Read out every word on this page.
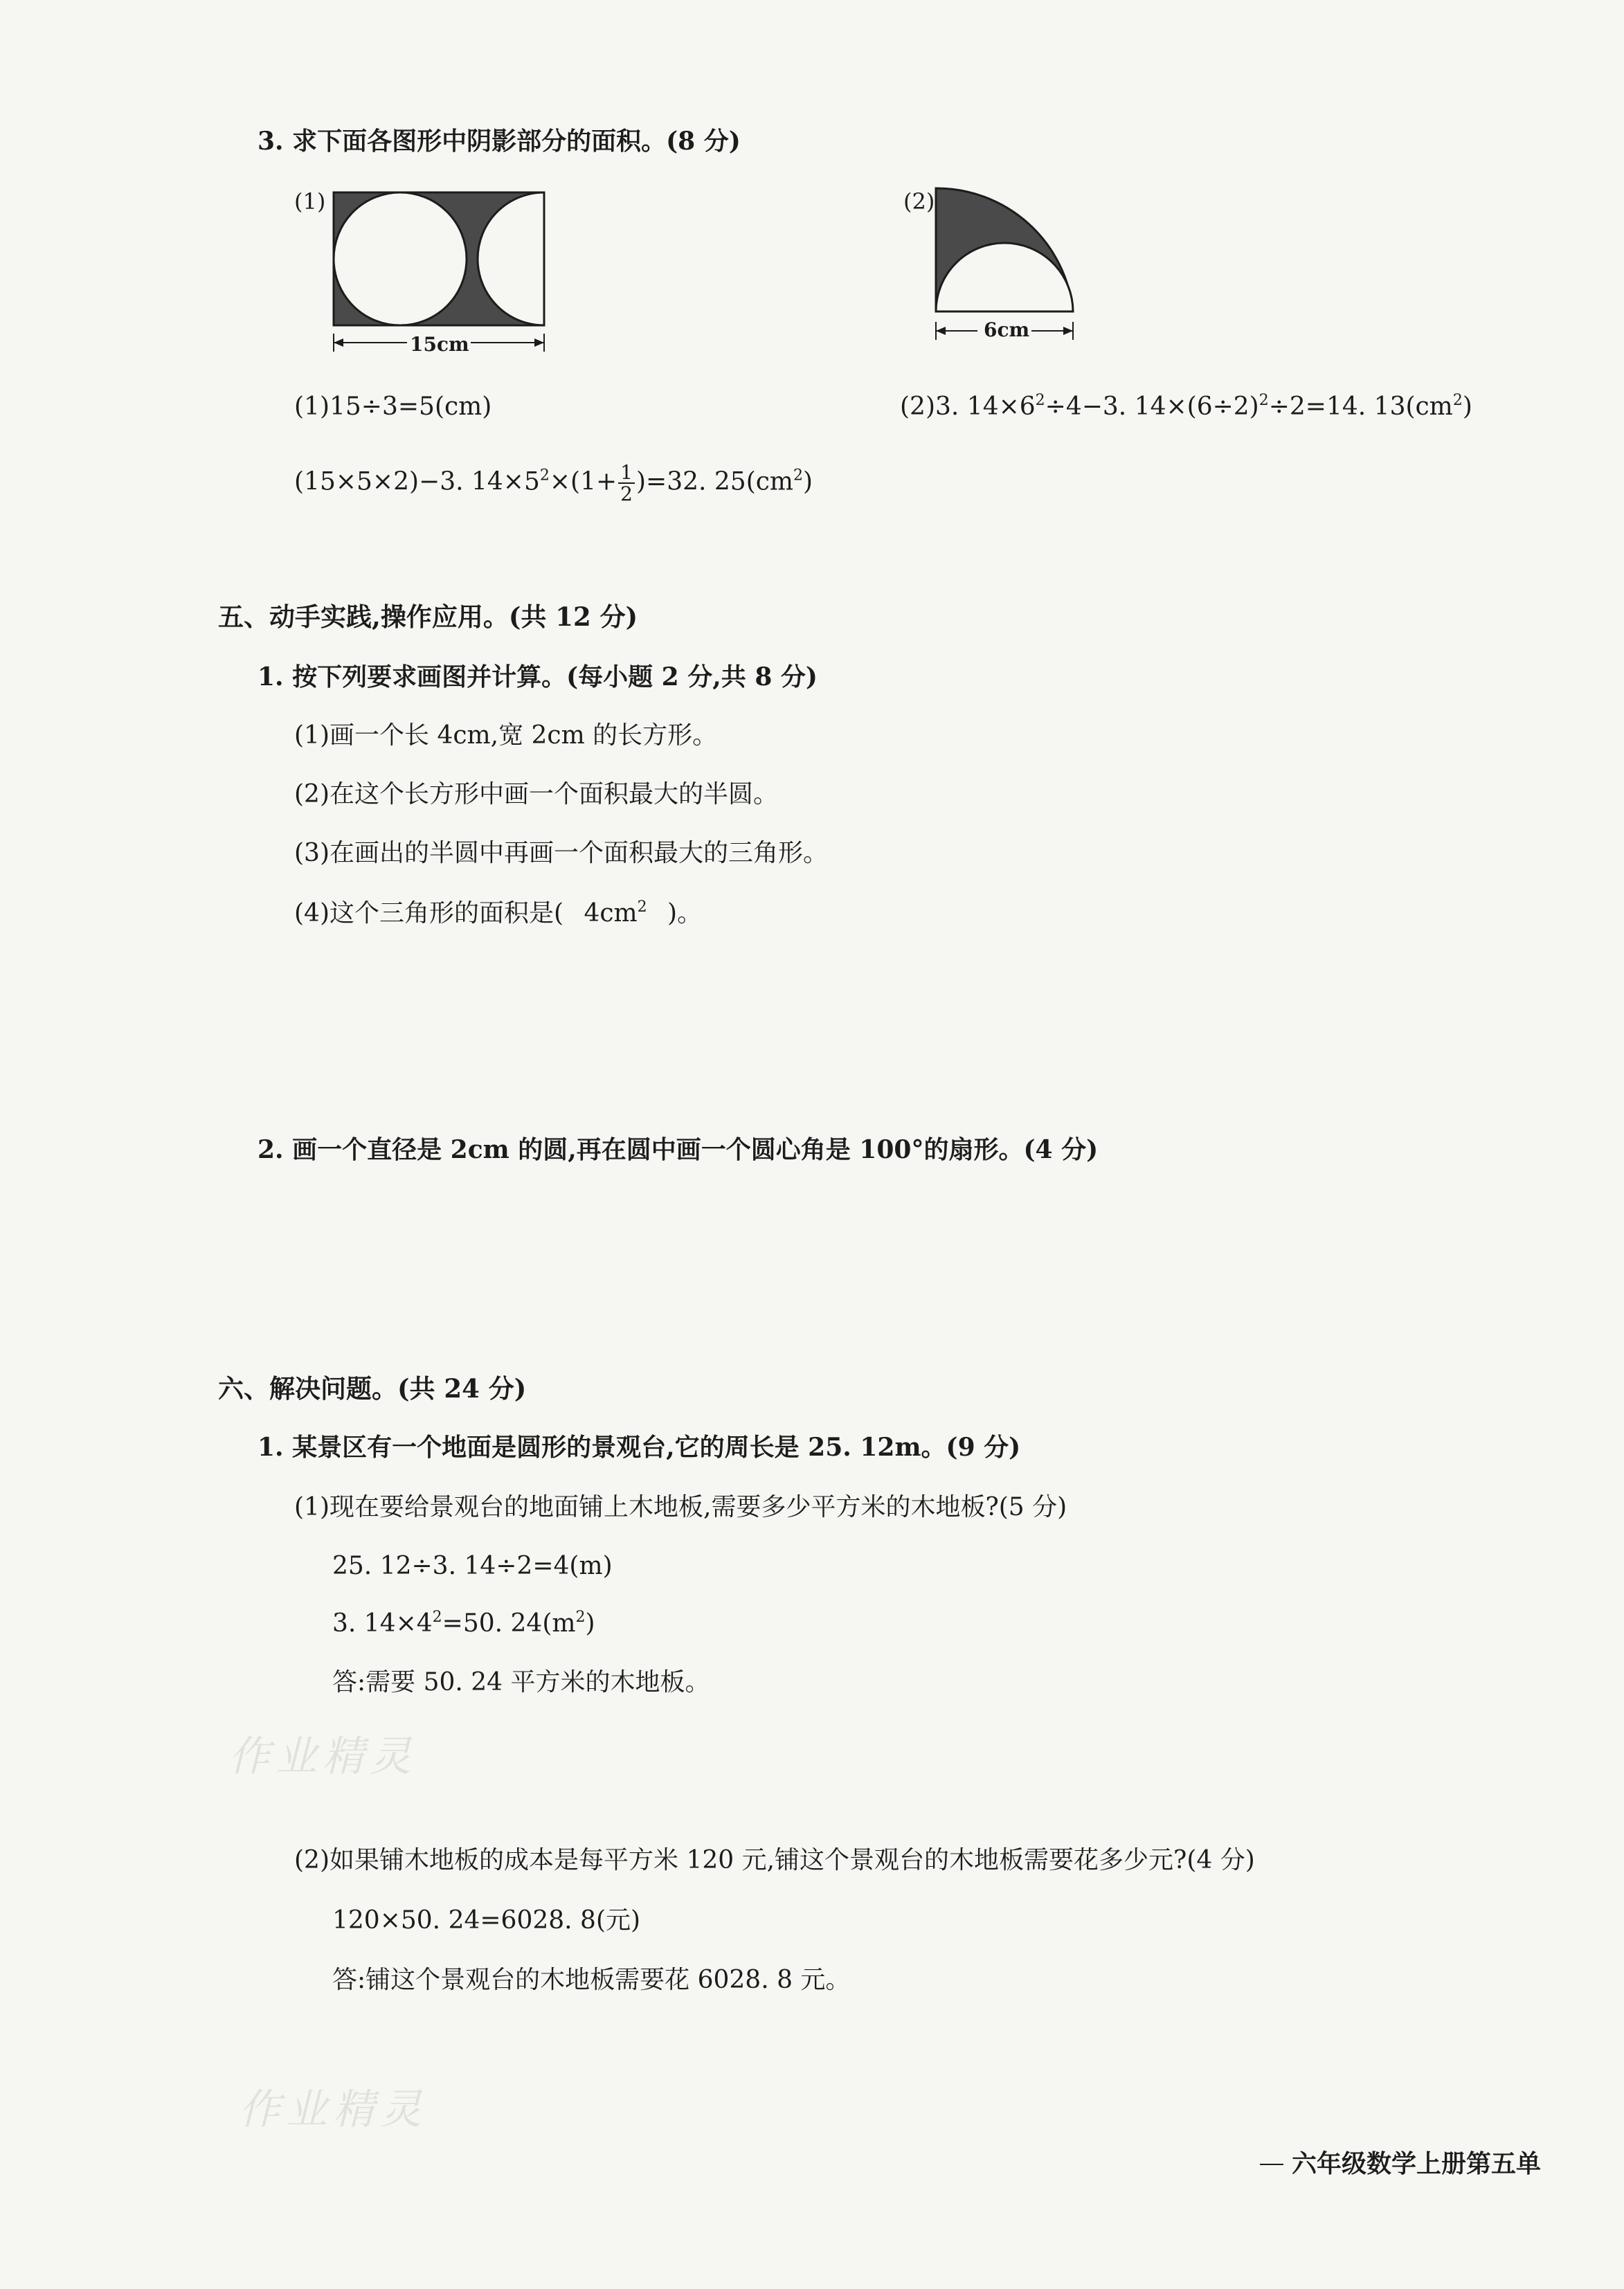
3. 求下面各图形中阴影部分的面积。(8 分)
(1)
15cm
(2)
6cm
(1)15÷3=5(cm)	(2)3. $14\times 6^2\div 4-3$. $14\times(6\div 2)^2\div 2=14$. $13(cm^2)$
(15×5×2)−3. $14\times 5^2\times(1+ \frac{1}{2} )=32$. $25(cm^2)$
五、动手实践,操作应用。(共 12 分)
1. 按下列要求画图并计算。(每小题 2 分,共 8 分)
(1)画一个长 4cm,宽 2cm 的长方形。
(2)在这个长方形中画一个面积最大的半圆。
(3)在画出的半圆中再画一个面积最大的三角形。
(4)这个三角形的面积是( $4cm^2$ )。
2. 画一个直径是 2cm 的圆,再在圆中画一个圆心角是 100°的扇形。(4 分)
六、解决问题。(共 24 分)
1. 某景区有一个地面是圆形的景观台,它的周长是 25. 12m。(9 分)
(1)现在要给景观台的地面铺上木地板,需要多少平方米的木地板?(5 分)
25. 12÷3. 14÷2=4(m)
3. $14\times 4^2=50$. $24(m^2)$
答:需要 50. 24 平方米的木地板。
作业精灵
(2)如果铺木地板的成本是每平方米 120 元,铺这个景观台的木地板需要花多少元?(4 分)
120×50. 24=6028. 8(元)
答:铺这个景观台的木地板需要花 6028. 8 元。
作业精灵
六年级数学上册第五单
